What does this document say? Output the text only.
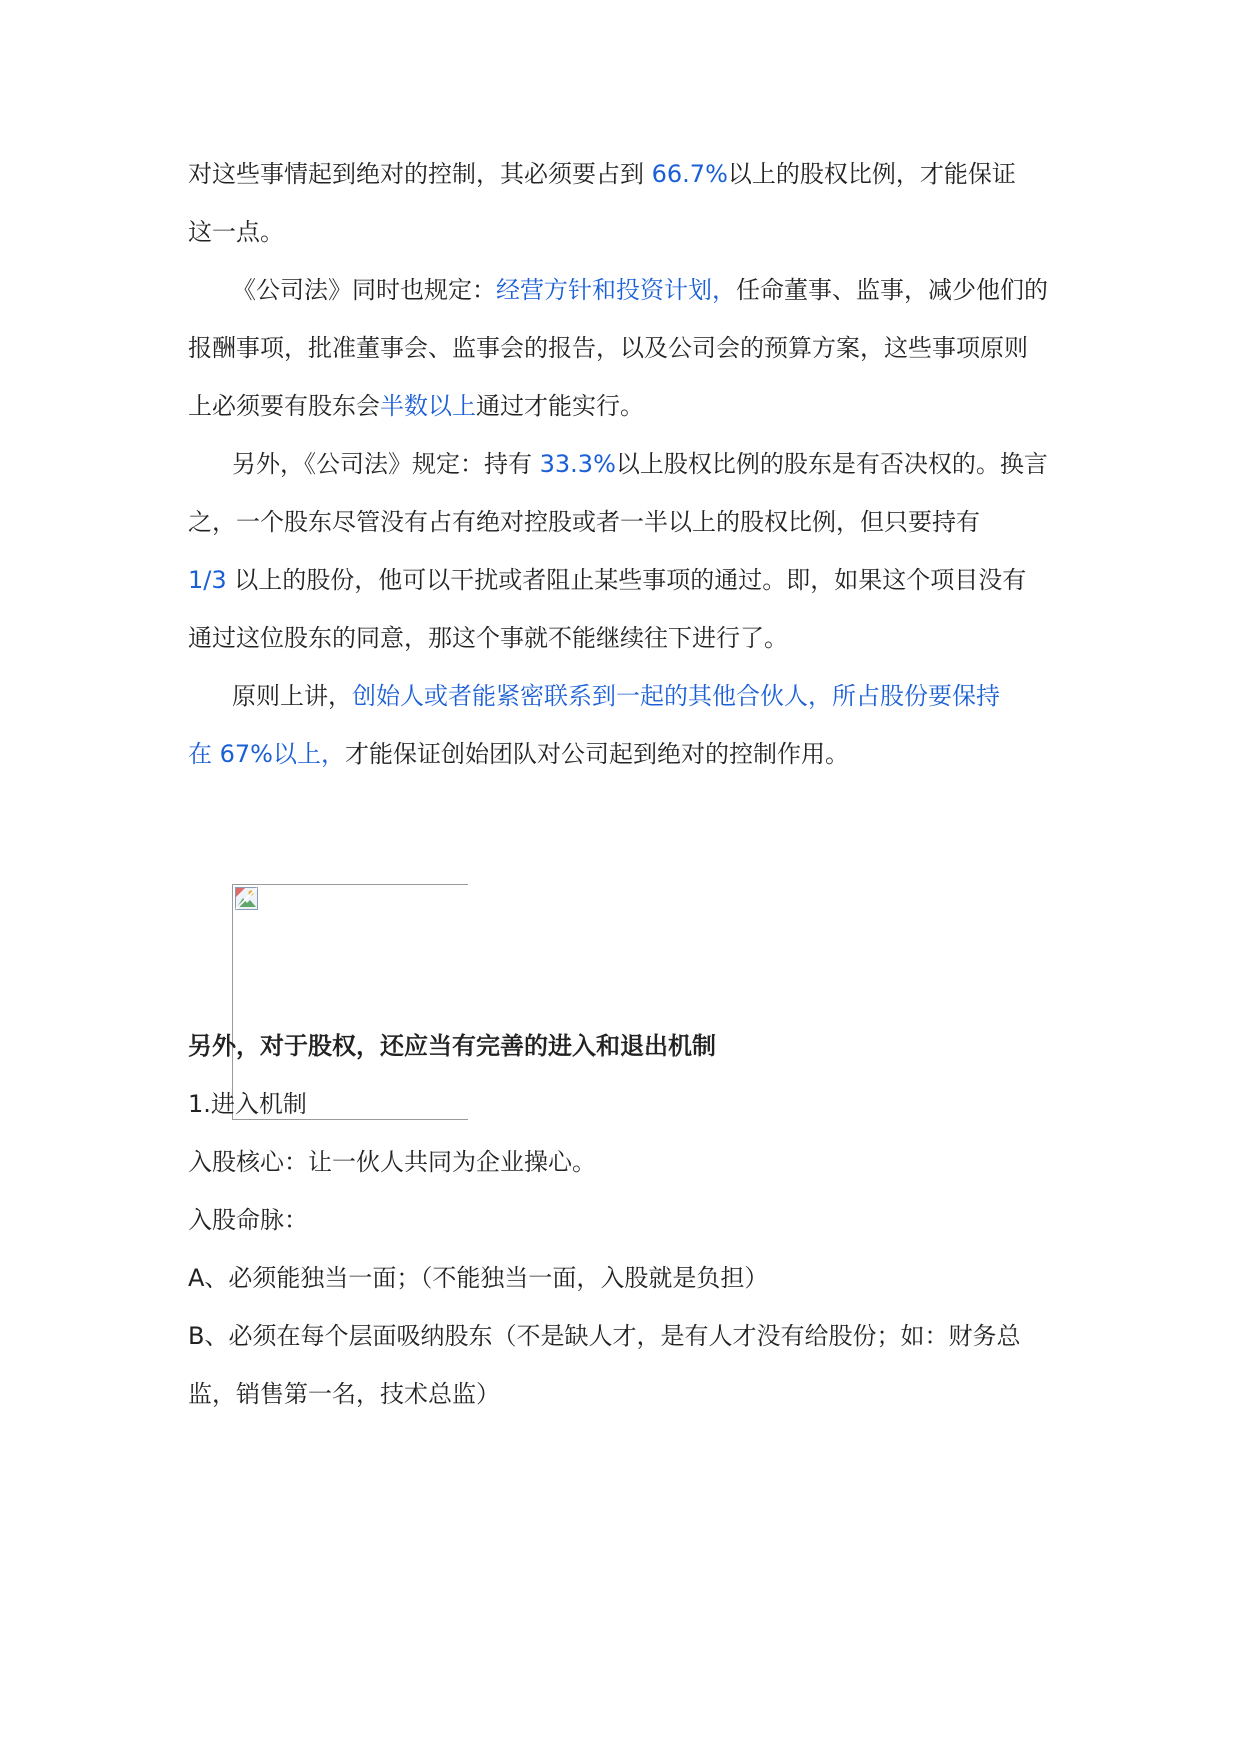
对这些事情起到绝对的控制，其必须要占到 66.7%以上的股权比例，才能保证
这一点。
《公司法》同时也规定：经营方针和投资计划，任命董事、监事，减少他们的
报酬事项，批准董事会、监事会的报告，以及公司会的预算方案，这些事项原则
上必须要有股东会半数以上通过才能实行。
另外，《公司法》规定：持有 33.3%以上股权比例的股东是有否决权的。换言
之，一个股东尽管没有占有绝对控股或者一半以上的股权比例，但只要持有
1/3 以上的股份，他可以干扰或者阻止某些事项的通过。即，如果这个项目没有
通过这位股东的同意，那这个事就不能继续往下进行了。
原则上讲，创始人或者能紧密联系到一起的其他合伙人，所占股份要保持
在 67%以上，才能保证创始团队对公司起到绝对的控制作用。
另外，对于股权，还应当有完善的进入和退出机制
1.进入机制
入股核心：让一伙人共同为企业操心。
入股命脉：
A、必须能独当一面；（不能独当一面，入股就是负担）
B、必须在每个层面吸纳股东（不是缺人才，是有人才没有给股份；如：财务总
监，销售第一名，技术总监）
